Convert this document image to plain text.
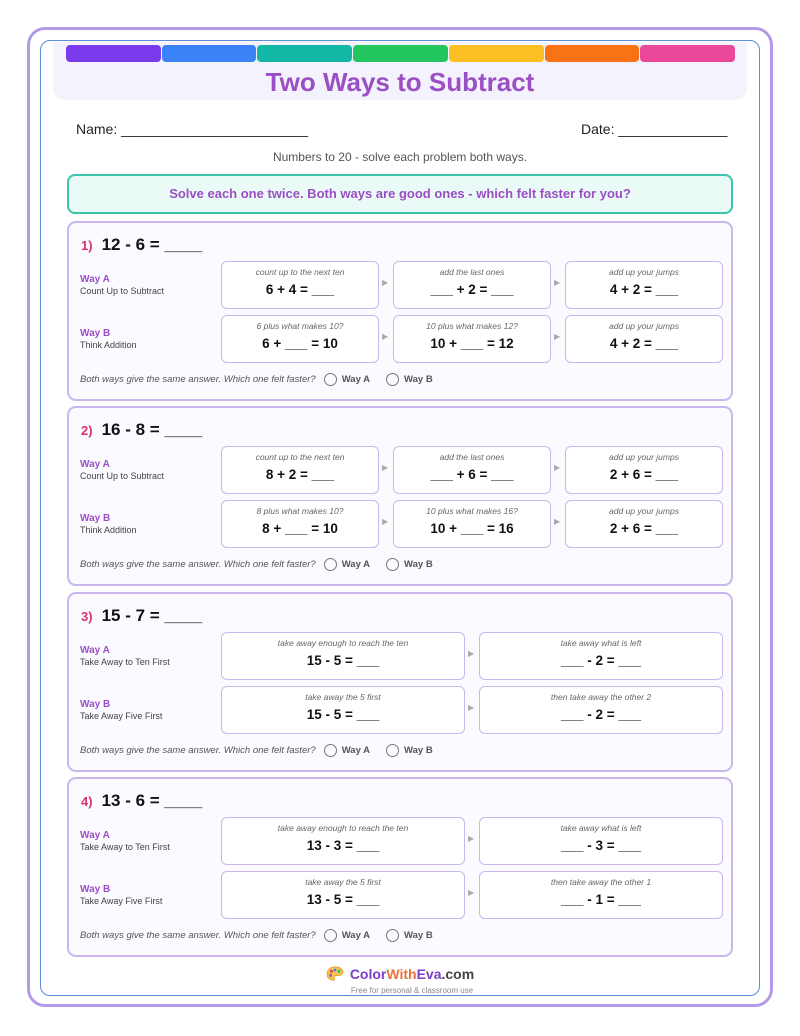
Two Ways to Subtract
Name: ________________________	Date: ______________
Numbers to 20 - solve each problem both ways.
Solve each one twice. Both ways are good ones - which felt faster for you?
1) 12 - 6 = ____
Way A
Count Up to Subtract
count up to the next ten
6 + 4 = ___	▶
add the last ones
___ + 2 = ___	▶
add up your jumps
4 + 2 = ___
Way B
Think Addition
6 plus what makes 10?
6 + ___ = 10	▶
10 plus what makes 12?
10 + ___ = 12	▶
add up your jumps
4 + 2 = ___
Both ways give the same answer. Which one felt faster?	Way A	Way B
2) 16 - 8 = ____
Way A
Count Up to Subtract
count up to the next ten
8 + 2 = ___	▶
add the last ones
___ + 6 = ___	▶
add up your jumps
2 + 6 = ___
Way B
Think Addition
8 plus what makes 10?
8 + ___ = 10	▶
10 plus what makes 16?
10 + ___ = 16	▶
add up your jumps
2 + 6 = ___
Both ways give the same answer. Which one felt faster?	Way A	Way B
3) 15 - 7 = ____
Way A
Take Away to Ten First
take away enough to reach the ten
15 - 5 = ___	▶
take away what is left
___ - 2 = ___
Way B
Take Away Five First
take away the 5 first
15 - 5 = ___	▶
then take away the other 2
___ - 2 = ___
Both ways give the same answer. Which one felt faster?	Way A	Way B
4) 13 - 6 = ____
Way A
Take Away to Ten First
take away enough to reach the ten
13 - 3 = ___	▶
take away what is left
___ - 3 = ___
Way B
Take Away Five First
take away the 5 first
13 - 5 = ___	▶
then take away the other 1
___ - 1 = ___
Both ways give the same answer. Which one felt faster?	Way A	Way B
Color With Eva .com
Free for personal & classroom use
